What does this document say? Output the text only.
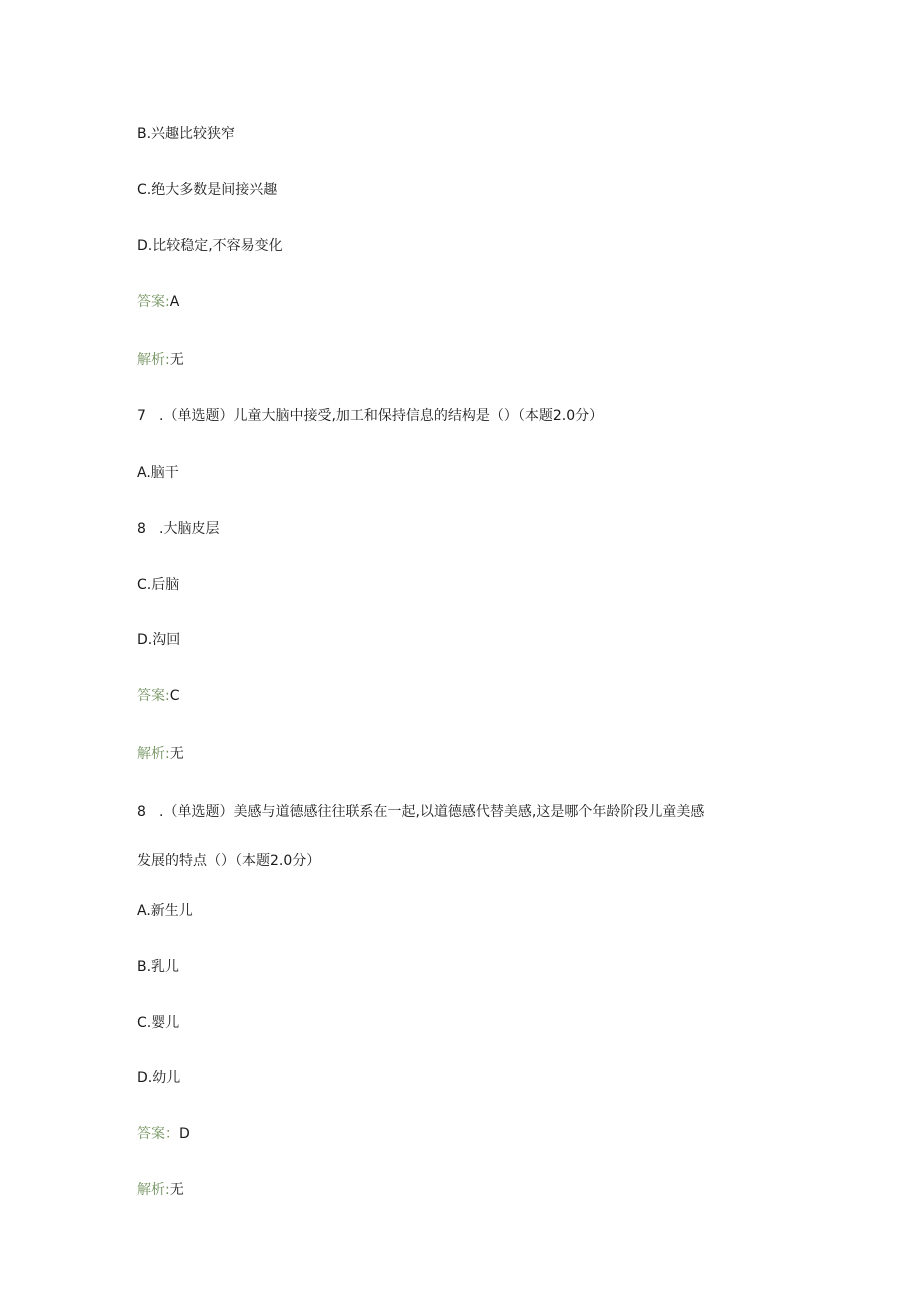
B.兴趣比较狭窄
C.绝大多数是间接兴趣
D.比较稳定,不容易变化
答案:A
解析:无
7 .（单选题）儿童大脑中接受,加工和保持信息的结构是（）（本题2.0分）
A.脑干
8 .大脑皮层
C.后脑
D.沟回
答案:C
解析:无
8 .（单选题）美感与道德感往往联系在一起,以道德感代替美感,这是哪个年龄阶段儿童美感
发展的特点（）（本题2.0分）
A.新生儿
B.乳儿
C.婴儿
D.幼儿
答案：D
解析:无
